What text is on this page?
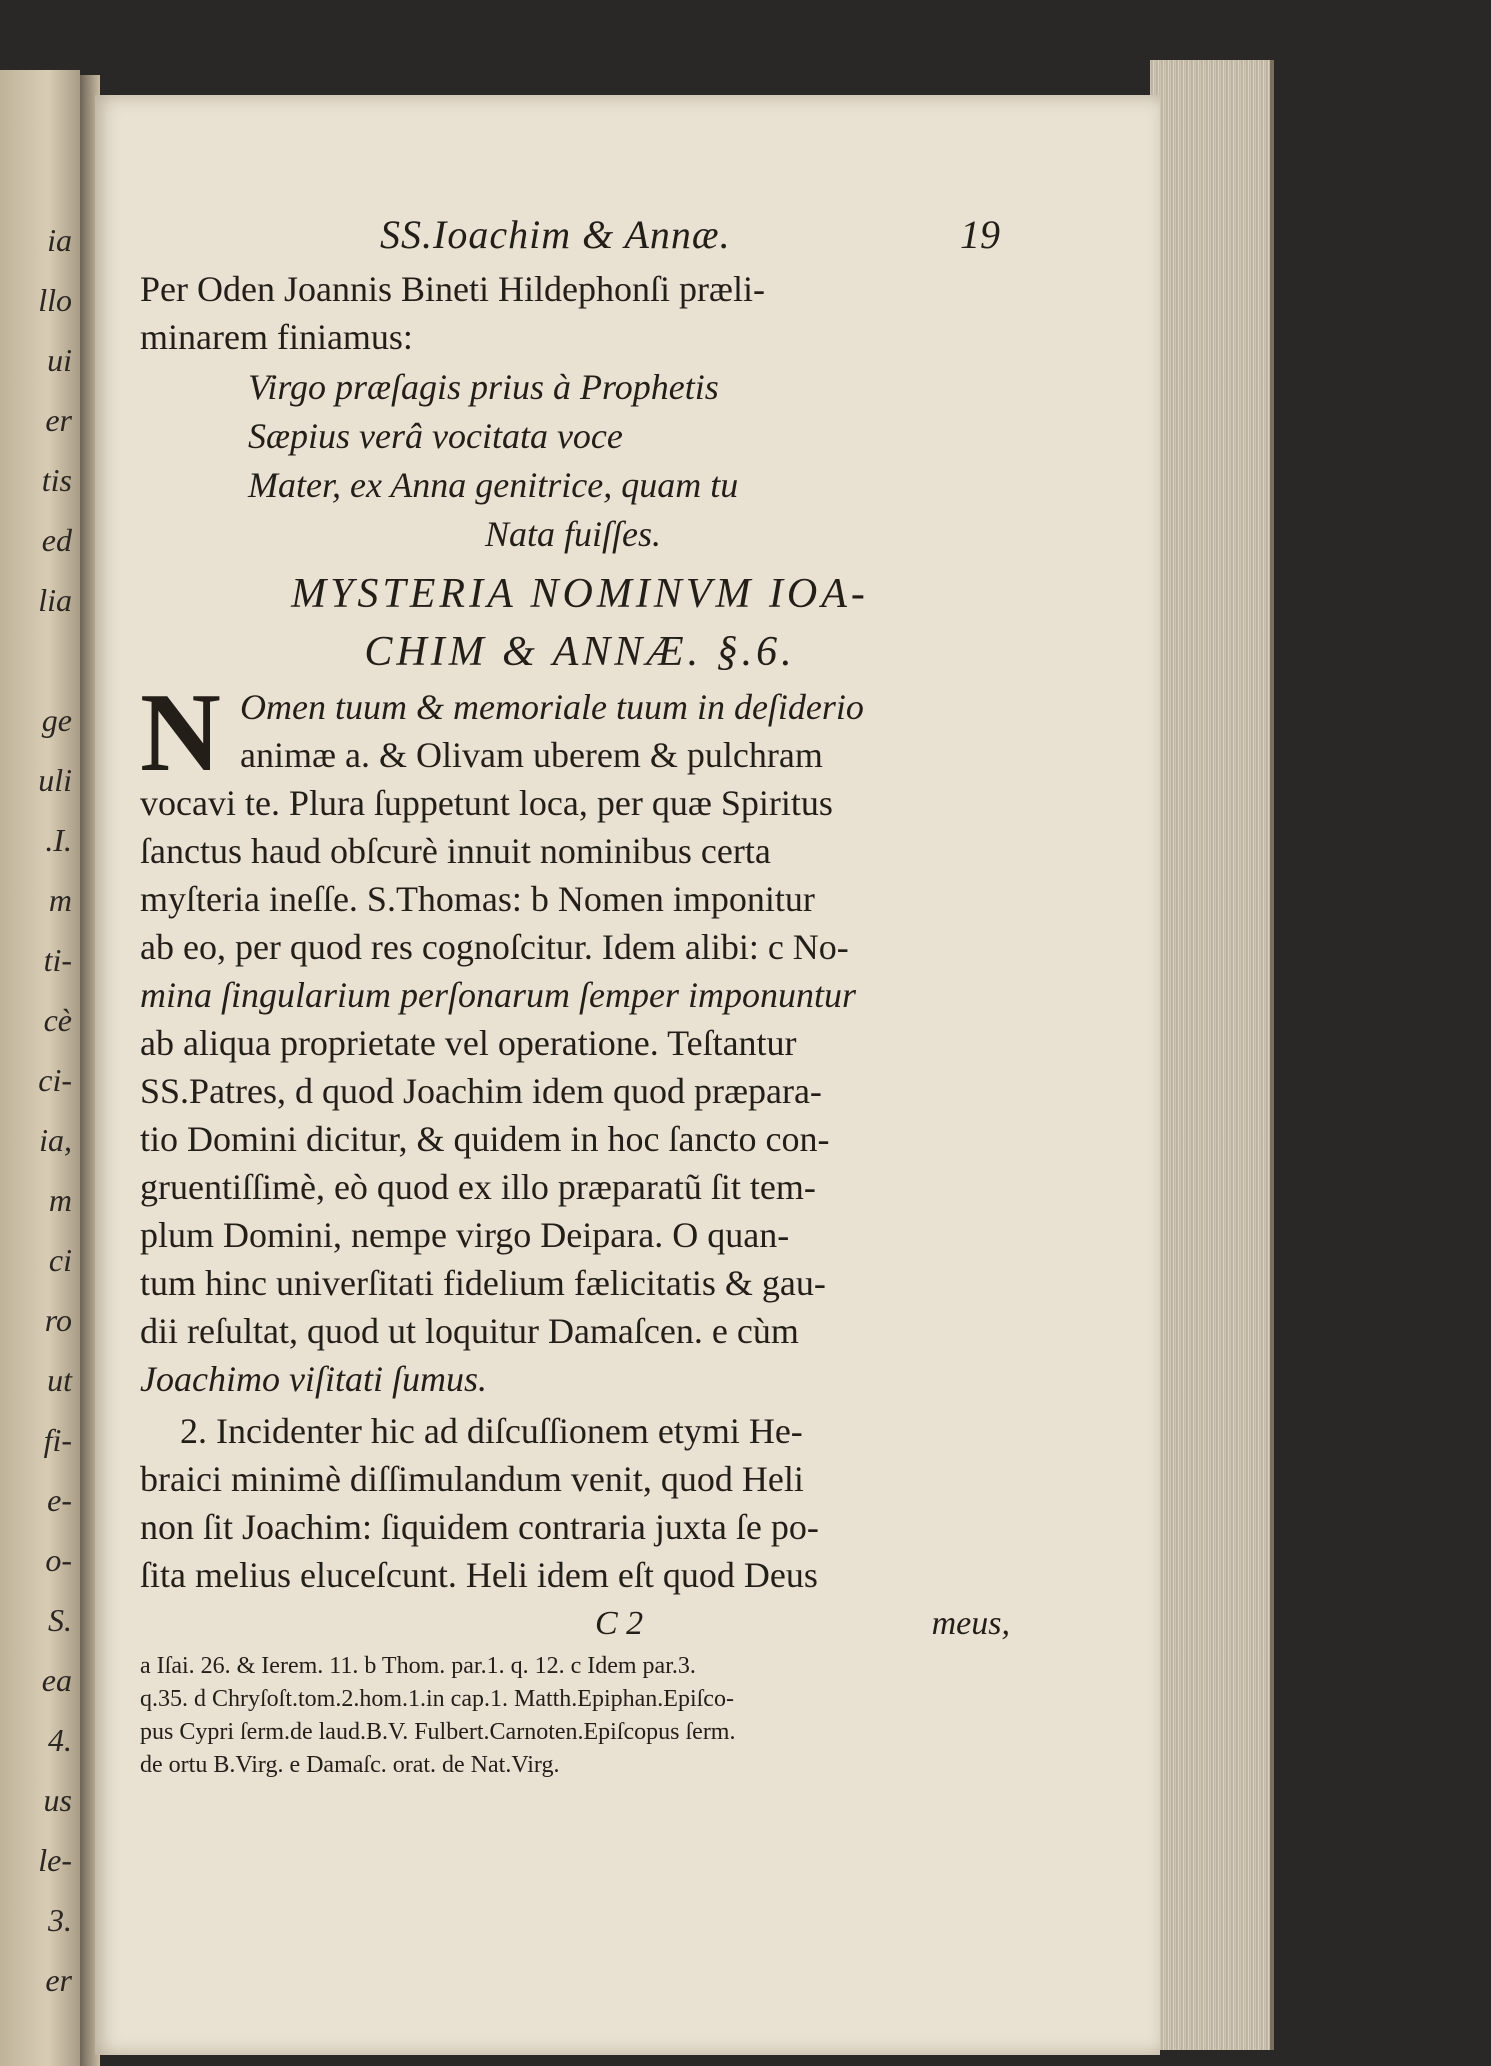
ia
llo
ui
er
tis
ed
lia
ge
uli
.I.
m
ti-
cè
ci-
ia,
m
ci
ro
ut
fi-
e-
o-
S.
ea
4.
us
le-
3.
er
SS.Ioachim & Annæ.	19
Per Oden Joannis Bineti Hildephonſi præli-
minarem finiamus:
Virgo præſagis prius à Prophetis
Sæpius verâ vocitata voce
Mater, ex Anna genitrice, quam tu
Nata fuiſſes.
MYSTERIA NOMINVM IOA-
CHIM & ANNÆ. §.6.
N Omen tuum & memoriale tuum in deſiderio
animæ a. & Olivam uberem & pulchram
vocavi te. Plura ſuppetunt loca, per quæ Spiritus
ſanctus haud obſcurè innuit nominibus certa
myſteria ineſſe. S.Thomas: b Nomen imponitur
ab eo, per quod res cognoſcitur. Idem alibi: c No-
mina ſingularium perſonarum ſemper imponuntur
ab aliqua proprietate vel operatione. Teſtantur
SS.Patres, d quod Joachim idem quod præpara-
tio Domini dicitur, & quidem in hoc ſancto con-
gruentiſſimè, eò quod ex illo præparatũ ſit tem-
plum Domini, nempe virgo Deipara. O quan-
tum hinc univerſitati fidelium fælicitatis & gau-
dii reſultat, quod ut loquitur Damaſcen. e cùm
Joachimo viſitati ſumus.
2. Incidenter hic ad diſcuſſionem etymi He-
braici minimè diſſimulandum venit, quod Heli
non ſit Joachim: ſiquidem contraria juxta ſe po-
ſita melius eluceſcunt. Heli idem eſt quod Deus
C 2	meus,
a Iſai. 26. & Ierem. 11. b Thom. par.1. q. 12. c Idem par.3.
q.35. d Chryſoſt.tom.2.hom.1.in cap.1. Matth.Epiphan.Epiſco-
pus Cypri ſerm.de laud.B.V. Fulbert.Carnoten.Epiſcopus ſerm.
de ortu B.Virg. e Damaſc. orat. de Nat.Virg.
